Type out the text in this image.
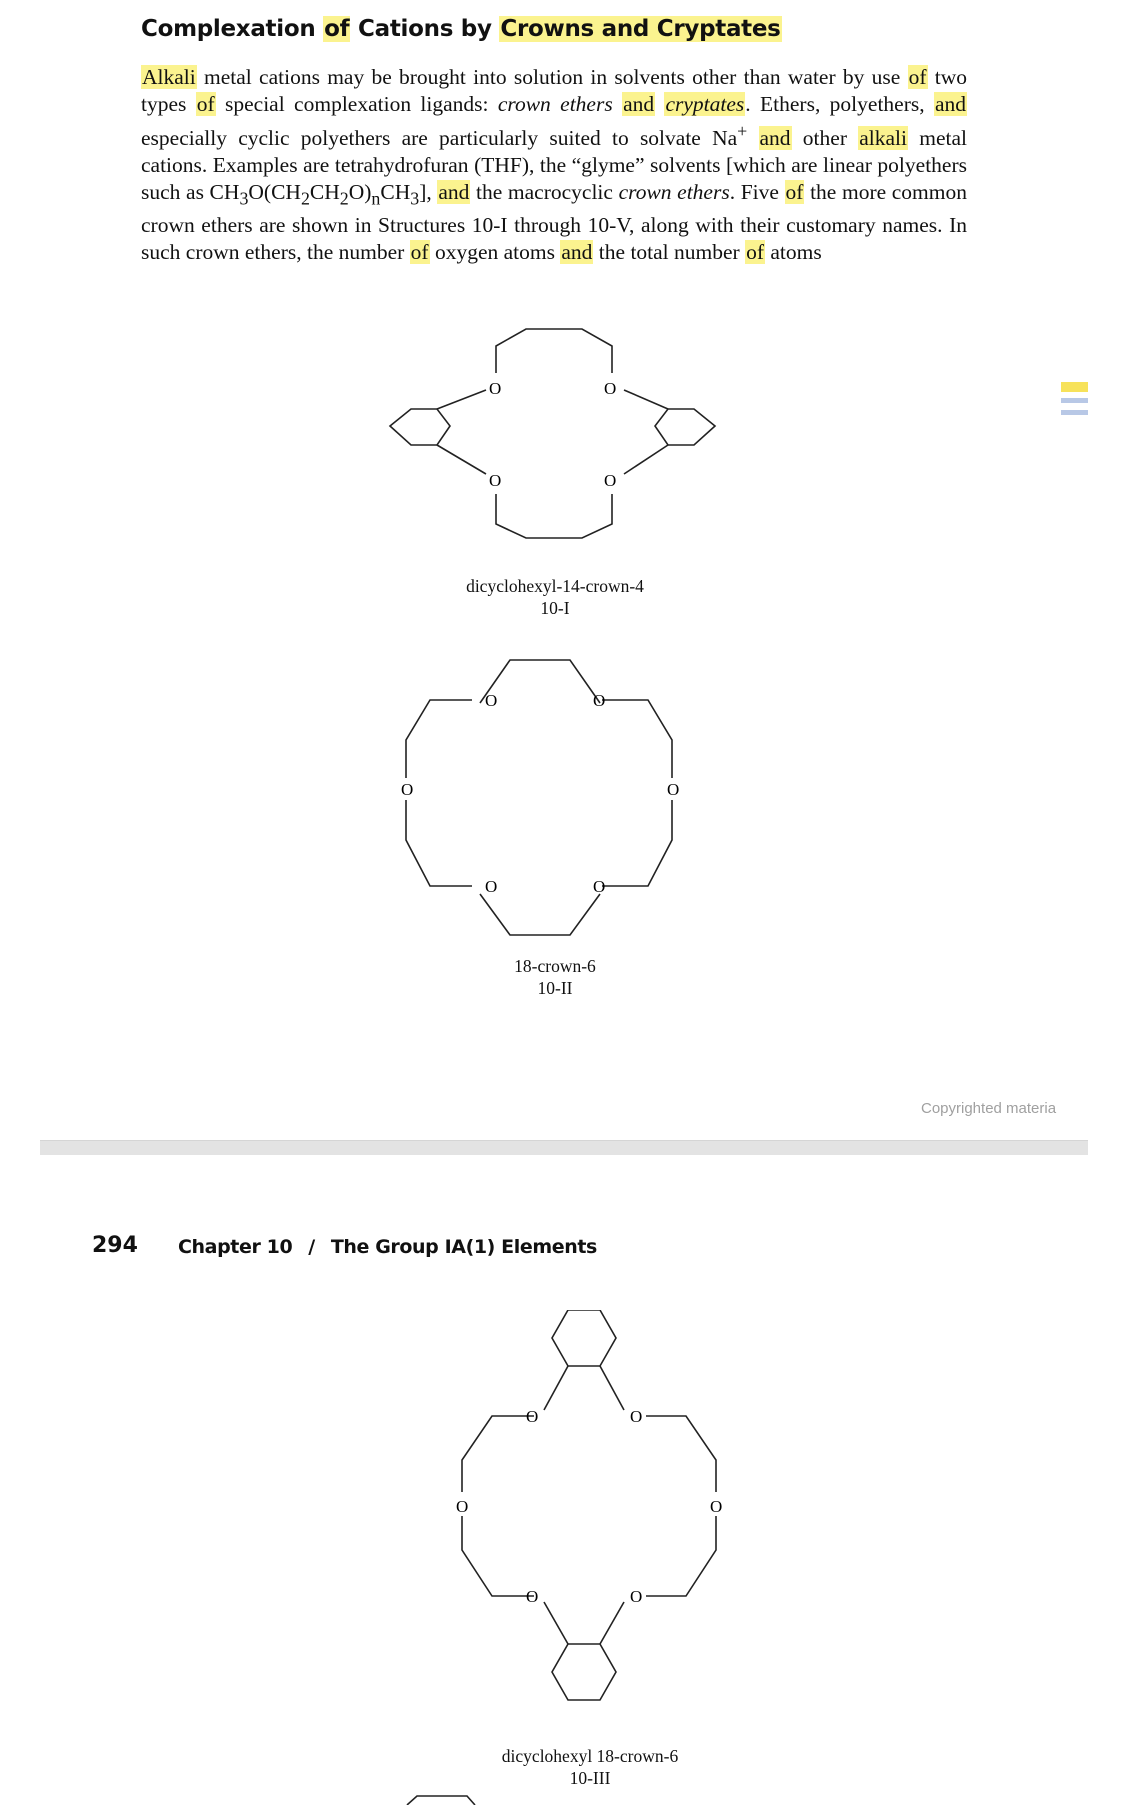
Complexation of Cations by Crowns and Cryptates

Alkali metal cations may be brought into solution in solvents other than water by use of two types of special complexation ligands: crown ethers and cryptates. Ethers, polyethers, and especially cyclic polyethers are particularly suited to solvate Na+ and other alkali metal cations. Examples are tetrahydrofuran (THF), the “glyme” solvents [which are linear polyethers such as $CH_3O(CH_2CH_2O)_nCH_3$], and the macrocyclic crown ethers. Five of the more common crown ethers are shown in Structures 10-I through 10-V, along with their customary names. In such crown ethers, the number of oxygen atoms and the total number of atoms

O	O
O	O
dicyclohexyl-14-crown-4
10-I
O	O
O	O
O	O
18-crown-6
10-II
Copyrighted materia
294 Chapter 10 / The Group IA(1) Elements
O	O
O	O
O	O
dicyclohexyl 18-crown-6
10-III
